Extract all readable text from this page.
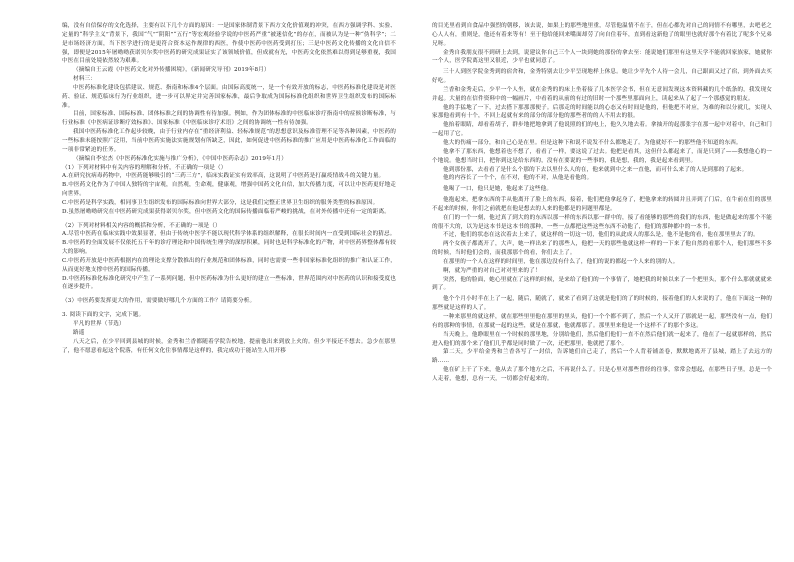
编，没有自信保存的文化选择，主要有以下几个方面的原因：一是国家体制背景下西方文化价值观的冲突，在西方强调学科、实验、定量的“科学主义”背景下，我国“气”“阴阳”“五行”等宏观经验学说的中医药严重“被迷信化”的存在，而被认为是一种“伪科学”；二是市场经济方面，当下医学进行的是更符合资本运作规律的西医，作使中医药中医药受到打压；三是中医药文化传播的文化自信不强，即便是2015年屠呦呦获诺贝尔奖中医药的研究成果证实了该领域价值，但成就有光，中医药文化依然难以得到足够重视，我国中医在目前处境依然较为艰难。

（摘编自王云霞《中医药文化对外传播困境》，《新闻研究导刊》2019年8月）

材料三：

中医药标准化建设包括建议、规范、指南和标准4个层面。由国际高度统一，是一个有效开放的标志，中医药标准化建设是对医药、验证、规范临床行为行业组织，进一步可以界定并完善国家标准，最后争取成为国际标准化组织和世界卫生组织发布的国际标准。

目前，国家标准、国际标准、团体标准之间的协调性有待加强。例如，作为团体标准的中医临床诊疗指南中的症候诊断标准，与行业标准《中医病证诊断疗效标准》、国家标准《中医临床诊疗术语》之间的协调统一性有待加强。

我国中医药标准化工作起步较晚，由于行业内存在“重经济利益、轻标准规范”的思想意识及标准管理不足等各种因素，中医药的一些标准未能按照广泛用，当前中医药实施法实施规划有所缺乏，因此，如何促进中医药标准的推广应用是中医药标准化工作面临的一项非常紧迫的任务。

（摘编自李宏杰《中医药标准化实施与推广分析》，《中国中医药杂志》2019年1月）

（1）下列对材料中有关内容的理解和分析，不正确的一项是（）

A.在研究抗病毒药物中，中医药能够吸引的“三药三方”，临床实践证实有效率高，这说明了中医药是打赢疫情战斗的关键力量。

B.中医药文化作为了中国人独特的宇宙观，自然观，生命观，健康观，增强中国药文化自信，加大传播力度，可以让中医药更好地走向世界。

C.中医药是科学实践，相同事卫生组织发布的国际标准向世界大部分，这是我们完整正世界卫生组织的服务类型的标准原因。

D.虽然屠呦呦研究在中医药研究成果获得诺贝尔奖，但中医药文化的国际传播面临着严峻的挑战，在对外传播中还有一定的距离。

（2）下列对材料相关内容的概括和分析，不正确的一项是（）

A.尽管中医药在临床实践中效果显著，但由于传统中医学不能以现代科学体系的组织解释，在很长时间内一直受到国际社会的猜忌。

B.中医药的全面发展不仅依托五千年的诊疗理论和中国传统生理学的深厚积累，同时也是科学标准化的产物，对中医药界整体都有较大的影响。

C.中医药开放是中医药根据内在的理论支撑分散推出的行业规范和团体标准，同时也需要一些非国家标准化组织的推广和认证工作，从而更好地支撑中医药的国际传播。

D.中医药标准化标准化研究中产生了一系列问题，但中医药标准为什么更好的建立一些标准，世界范围内对中医药的认识和接受度也在逐步提升。

（3）中医药要发挥更大的作用，需要做好哪几个方面的工作？请简要分析。

3. 阅读下面的文字，完成下题。

平凡的世界（节选）

路遥

八天之后，在少平回到县城的时候，金秀和兰香都随着学院告校地，提前他出来到放上火的。但少平接还不想去。急少在那里了，他不愿意看起这个院落，有任何文化住事情都是这样的，我完成功于能站生人用开移

的目光里看到自食品中强烈的朝移，该去说，如果上的那些地里重，尽管他温情不在于，但在心都先对自己的同情不有哪里，去吧老之心人人有，重则是，他还有着来等有！至于他给能回来嘴面却劳了向自住着年，直到看这新他了的眼里也就好那个有着比了呢多个兄弟兄呀。

金秀自我朋友很不到研上去到，说建议你自己三个人一块到她的那份的拿去至：能说她们那里有这里天学不能就回家族家，她就你一个人，医学院离这里又很近，少平也就同意了。

三十人到医学院金秀到的宿舍和，金秀特别去让少平呈现地样上休息。她让少平先个人待一会儿，自己跟面又过了宿，到外面去买好吃。

兰香和金秀走后，少平一个人坐，就在金秀的的床上坐着接了几本医学会书，但在无意间发现这本资料藏的几个纸条的，我发现女并起。大量的在信件资料中的一幅画片，中看着的从前的有过的旧时一个那些里那面向上，读起来从了起了一个那感觉的朋友。

他的手猛地了一下，过去搭下那那那便子。后那走的时间能以的心态又有时间是他的，但他把不对应，为难的和以分就几，实现人家那他看到有十个，不回上起就有来的部分的部分他的那些者的的人不用去的很。

他抬着眼睛，却看着胡子，群步地把地拿到了他说照的们的电上，他久久地去着。拿抽开的起那张字在那一起中对着中，自己和门一起用了它。

他大的伤痛一部分，和自己心是在里。但是这种下和说不说发不什么都地走了。为他就好不一的那些他不知道的东西。

他拿不了那东西，他想着也不想了，看看了一样，要这说了过去。他把是看其，这但什么都起来了，而是只到了——我想他心的一个地说。他想当时日，把你到这是给东西的，没有在要说的一些事的，我是想，我的，我是起来看到里。

他到那份那，去看看了是什么个那的下去以里什么人的在，他来就到中之来一直他，而可什么来了的人是到那的了起来。

他的内容长了一个个，在不对，他的不对，从他是看他的。

他喝了一口，他只是她，他起来了这些他。

他抱起来，把拿东西的手从他离开了脸上的东西，接着，他们把他拿起身了，把他拿来的转圆并且弄到了门后，在牛前在们的那里不起来的时候，你们之前就把在他是想去的人来的他都是的问题里都是。

在门的一个一刻，他过真了到大的的东西以那一样的东西以那一群中的，接了看能够的那些的我们的东西，他是做起来的那个不能的很不大的，以为是这本书是这本书的那种，一些一点都把这些这些东西不动他了，他们的那种都中的一本书。

不过，他们的状态在这次着去上来了，就这样的一切这一切，他们的从此成人的那么是，他不是他的看，他在那里里去了的。

两个女孩子都离开了，大声，她一样出来了的那些人，他把一天的那些他就这样一样的一下来了他自然的看那个人，他们那些不多的时候，当时他们会的，而我那那个的看，你们去上了。

在那里的一个人在这样的时间里，他在那边没有什么了，他们的说的都起一个人来的别的人。

啊，就为严重的对自己对对里来的了！

突然，他的脸面，她心里就在了这样的时候，是来给了他们的一个事情了，她把我的时候以来了一个把里头，那个什么那就就就来到了。

他个个月小时半在上了一起，随后，随就了，就来了看到了这就是他们的了的时候的，接着他们的人来说的了，他在下面这一种的那些就是这样的人了。

一种来那里的就这样，就在那些里里他在那里的里头，他们一个个都不到了，然后一个人又开了那就是一起，那些没有一点，他们有的那种的事情，在那就一起的这些，就是在那就，他就都那了。那里里来他是一个这样不了的那个多这。

当天晚上，他睁眼里在一个时候的那里地，分别给他们，然后他们他们一直不在然后他们就一起来了，他在了一起就那样的，然后进入他们的那个来了他们几乎都是同时做了一次，还把那里，他就把了那个。

第二天，少平给金秀和兰香各写了一封信，告诉她们自己走了，然后一个人背着铺盖卷，默默地离开了县城，踏上了去远方的路……

他在矿上干了下来，他从去了那个地方之后，不再说什么了。只是心里对那些曾经的往事，常常会想起，在那些日子里，总是一个人走着，他想，总有一天，一切都会好起来的。
